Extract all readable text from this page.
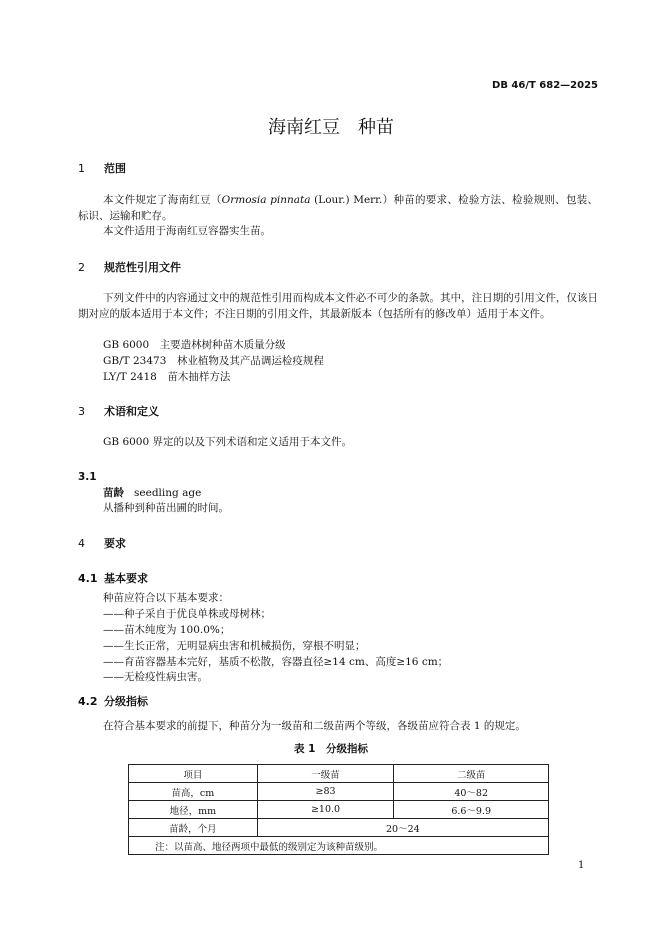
DB 46/T 682—2025
海南红豆　种苗
1 范围
本文件规定了海南红豆（Ormosia pinnata (Lour.) Merr.）种苗的要求、检验方法、检验规则、包装、标识、运输和贮存。
本文件适用于海南红豆容器实生苗。
2 规范性引用文件
下列文件中的内容通过文中的规范性引用而构成本文件必不可少的条款。其中，注日期的引用文件，仅该日期对应的版本适用于本文件；不注日期的引用文件，其最新版本（包括所有的修改单）适用于本文件。
GB 6000　主要造林树种苗木质量分级
GB/T 23473　林业植物及其产品调运检疫规程
LY/T 2418　苗木抽样方法
3 术语和定义
GB 6000 界定的以及下列术语和定义适用于本文件。
3.1
苗龄 seedling age
从播种到种苗出圃的时间。
4 要求
4.1 基本要求
种苗应符合以下基本要求：
——种子采自于优良单株或母树林；
——苗木纯度为 100.0%；
——生长正常，无明显病虫害和机械损伤，穿根不明显；
——育苗容器基本完好，基质不松散，容器直径≥14 cm、高度≥16 cm；
——无检疫性病虫害。
4.2 分级指标
在符合基本要求的前提下，种苗分为一级苗和二级苗两个等级，各级苗应符合表 1 的规定。
表 1　分级指标
项目	一级苗	二级苗
苗高，cm	≥83	40～82
地径，mm	≥10.0	6.6～9.9
苗龄，个月	20～24	
注：以苗高、地径两项中最低的级别定为该种苗级别。		
1
